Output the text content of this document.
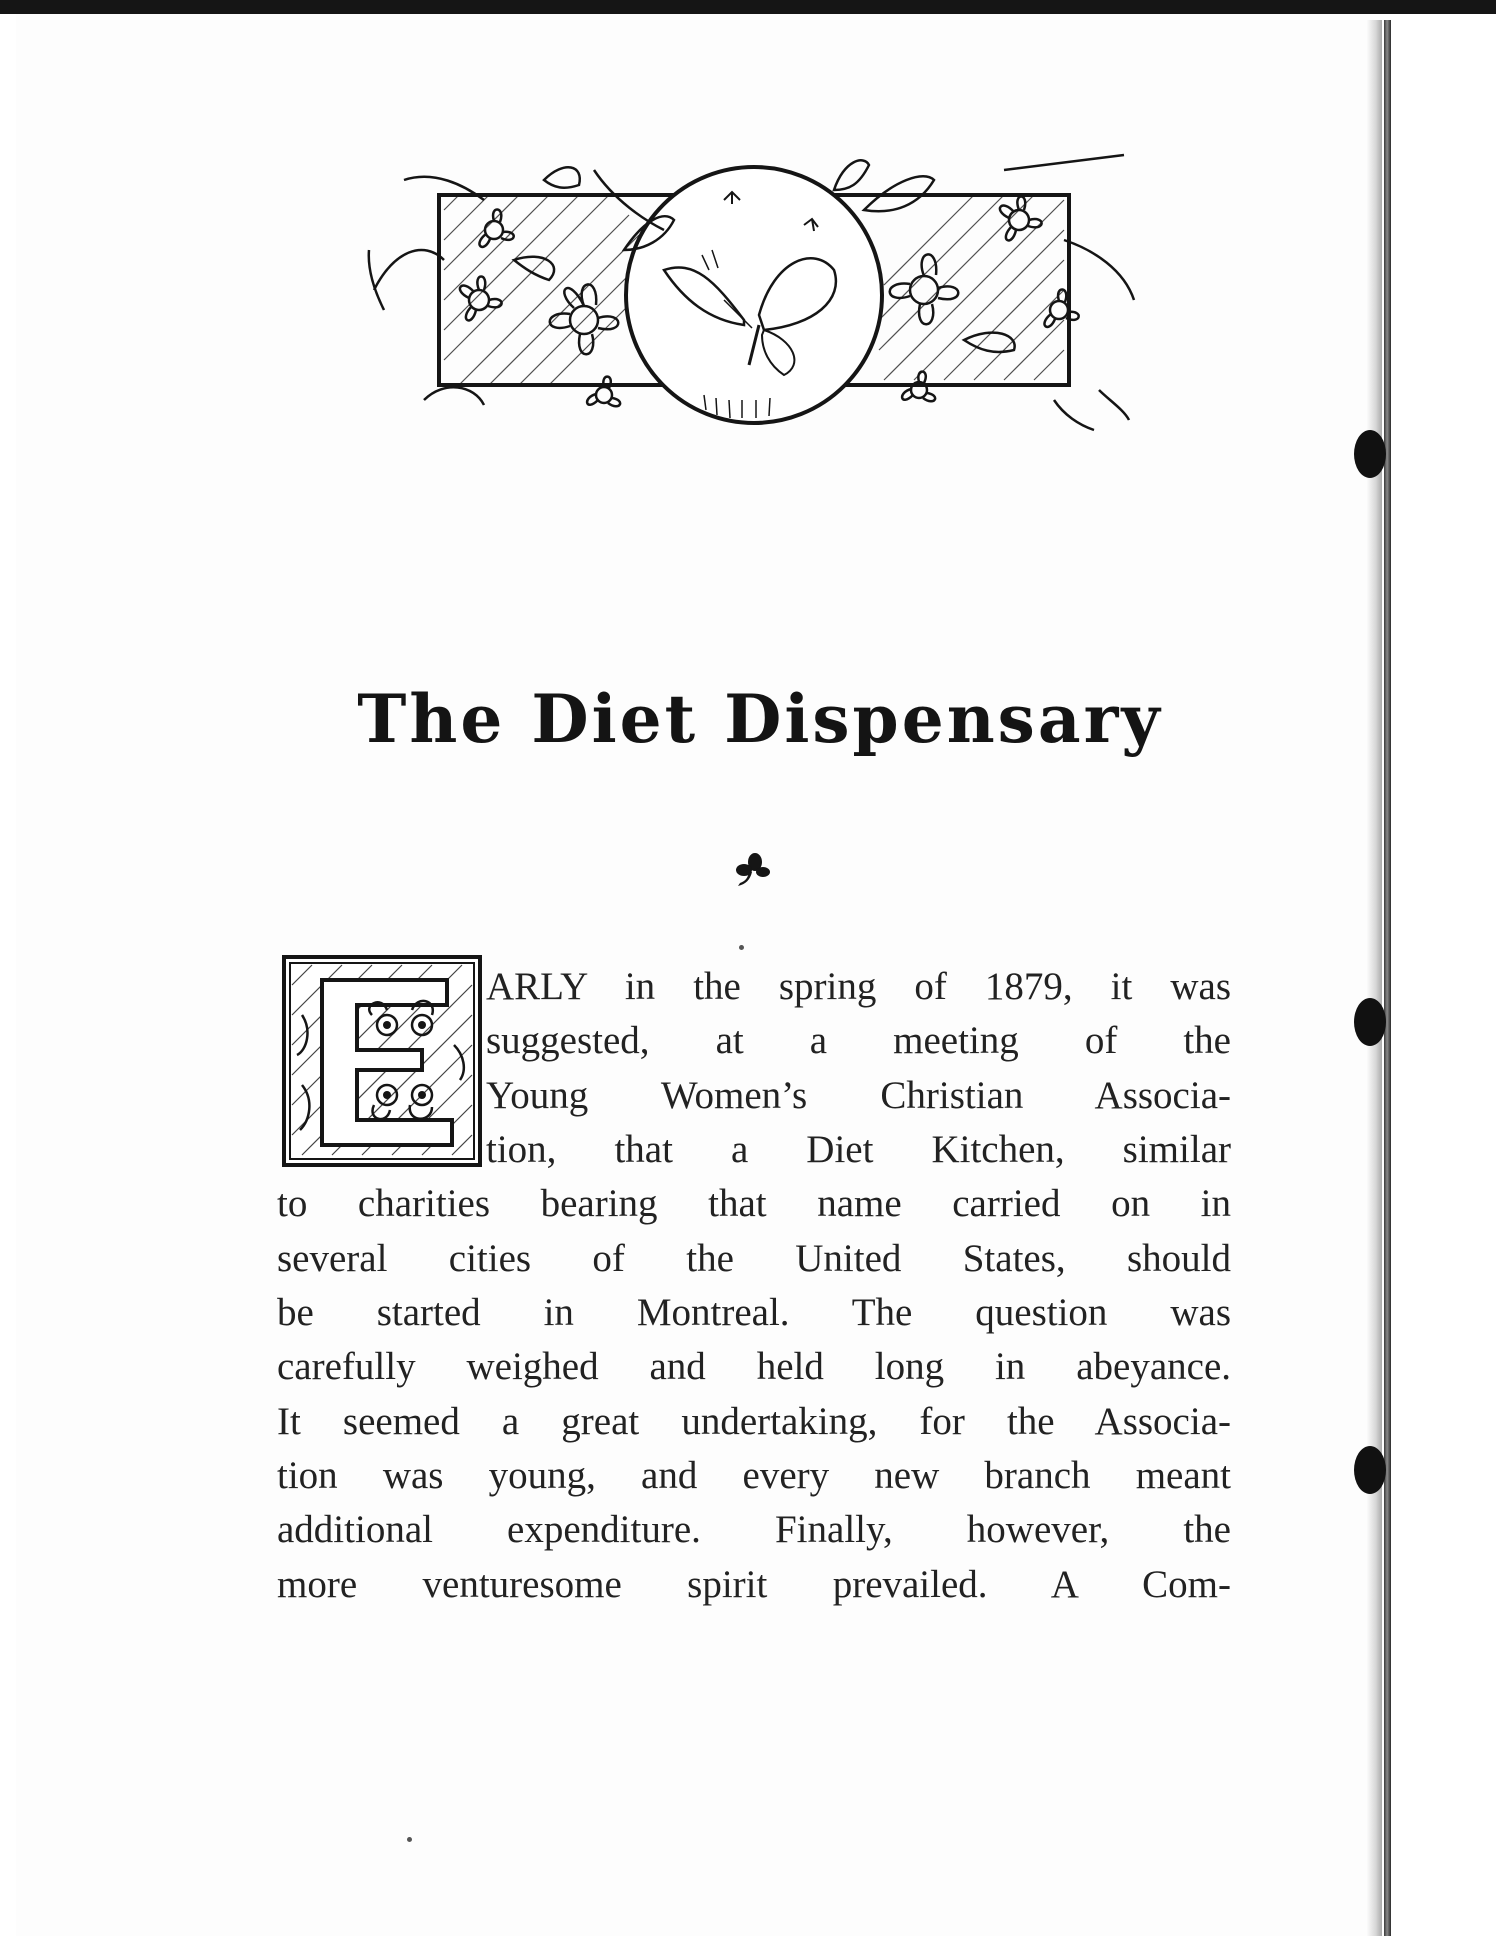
The Diet Dispensary

ARLY in the spring of 1879, it was

suggested, at a meeting of the

Young Women’s Christian Associa-

tion, that a Diet Kitchen, similar

to charities bearing that name carried on in

several cities of the United States, should

be started in Montreal. The question was

carefully weighed and held long in abeyance.

It seemed a great undertaking, for the Associa-

tion was young, and every new branch meant

additional expenditure. Finally, however, the

more venturesome spirit prevailed. A Com-
